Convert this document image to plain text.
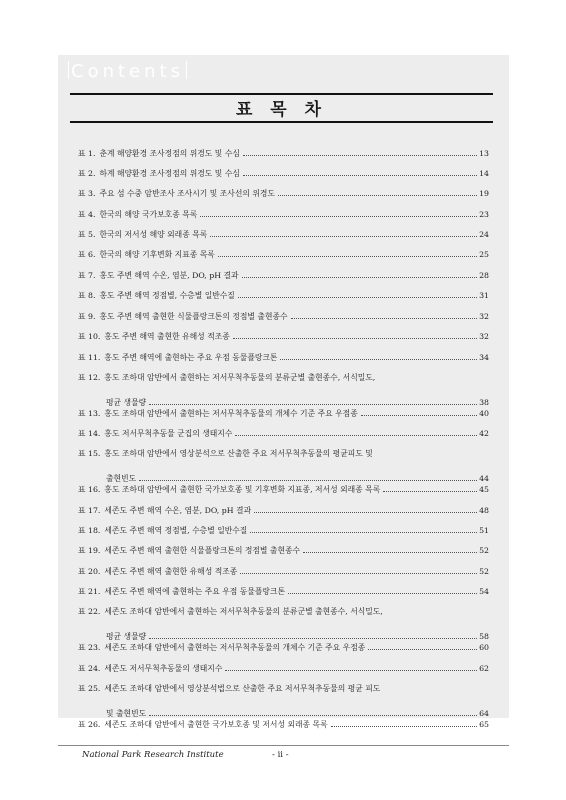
Contents
표 목 차
표 1. 춘계 해양환경 조사정점의 위경도 및 수심	13
표 2. 하계 해양환경 조사정점의 위경도 및 수심	14
표 3. 주요 섬 수중 암반조사 조사시기 및 조사선의 위경도	19
표 4. 한국의 해양 국가보호종 목록	23
표 5. 한국의 저서성 해양 외래종 목록	24
표 6. 한국의 해양 기후변화 지표종 목록	25
표 7. 홍도 주변 해역 수온, 염분, DO, pH 결과	28
표 8. 홍도 주변 해역 정점별, 수층별 일반수질	31
표 9. 홍도 주변 해역 출현한 식물플랑크톤의 정점별 출현종수	32
표 10. 홍도 주변 해역 출현한 유해성 적조종	32
표 11. 홍도 주변 해역에 출현하는 주요 우점 동물플랑크톤	34
표 12. 홍도 조하대 암반에서 출현하는 저서무척추동물의 분류군별 출현종수, 서식밀도,
평균 생물량	38
표 13. 홍도 조하대 암반에서 출현하는 저서무척추동물의 개체수 기준 주요 우점종	40
표 14. 홍도 저서무척추동물 군집의 생태지수	42
표 15. 홍도 조하대 암반에서 영상분석으로 산출한 주요 저서무척추동물의 평균피도 및
출현빈도	44
표 16. 홍도 조하대 암반에서 출현한 국가보호종 및 기후변화 지표종, 저서성 외래종 목록	45
표 17. 세존도 주변 해역 수온, 염분, DO, pH 결과	48
표 18. 세존도 주변 해역 정점별, 수층별 일반수질	51
표 19. 세존도 주변 해역 출현한 식물플랑크톤의 정점별 출현종수	52
표 20. 세존도 주변 해역 출현한 유해성 적조종	52
표 21. 세존도 주변 해역에 출현하는 주요 우점 동물플랑크톤	54
표 22. 세존도 조하대 암반에서 출현하는 저서무척추동물의 분류군별 출현종수, 서식밀도,
평균 생물량	58
표 23. 세존도 조하대 암반에서 출현하는 저서무척추동물의 개체수 기준 주요 우점종	60
표 24. 세존도 저서무척추동물의 생태지수	62
표 25. 세존도 조하대 암반에서 영상분석법으로 산출한 주요 저서무척추동물의 평균 피도
및 출현빈도	64
표 26. 세존도 조하대 암반에서 출현한 국가보호종 및 저서성 외래종 목록	65
National Park Research Institute	- ii -
